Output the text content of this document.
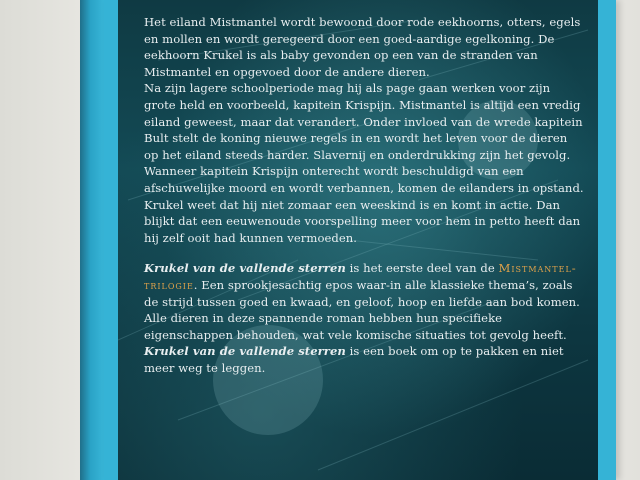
Het eiland Mistmantel wordt bewoond door rode eekhoorns, otters, egels en mollen en wordt geregeerd door een goed-aardige egelkoning. De eekhoorn Krukel is als baby gevonden op een van de stranden van Mistmantel en opgevoed door de andere dieren.

Na zijn lagere schoolperiode mag hij als page gaan werken voor zijn grote held en voorbeeld, kapitein Krispijn. Mistmantel is altijd een vredig eiland geweest, maar dat verandert. Onder invloed van de wrede kapitein Bult stelt de koning nieuwe regels in en wordt het leven voor de dieren op het eiland steeds harder. Slavernij en onderdrukking zijn het gevolg.

Wanneer kapitein Krispijn onterecht wordt beschuldigd van een afschuwelijke moord en wordt verbannen, komen de eilanders in opstand. Krukel weet dat hij niet zomaar een weeskind is en komt in actie. Dan blijkt dat een eeuwenoude voorspelling meer voor hem in petto heeft dan hij zelf ooit had kunnen vermoeden.

Krukel van de vallende sterren is het eerste deel van de Mistmantel-trilogie. Een sprookjesachtig epos waar-in alle klassieke thema’s, zoals de strijd tussen goed en kwaad, en geloof, hoop en liefde aan bod komen. Alle dieren in deze spannende roman hebben hun specifieke eigenschappen behouden, wat vele komische situaties tot gevolg heeft.

Krukel van de vallende sterren is een boek om op te pakken en niet meer weg te leggen.
